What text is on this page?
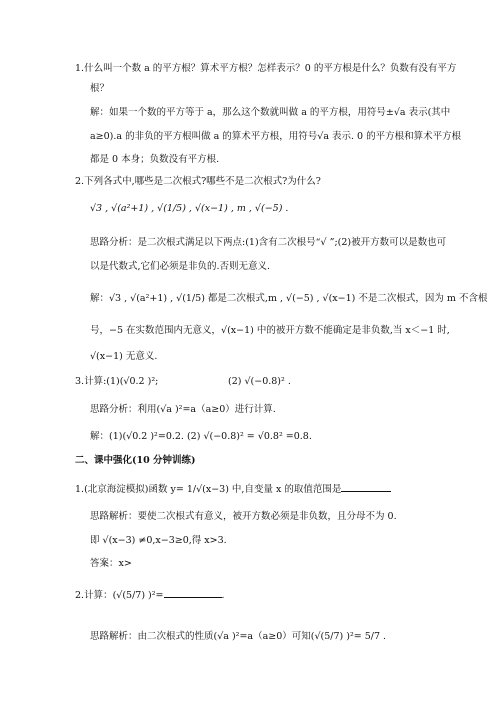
1.什么叫一个数 a 的平方根？算术平方根？怎样表示？0 的平方根是什么？负数有没有平方
根？
解：如果一个数的平方等于 a，那么这个数就叫做 a 的平方根，用符号±√a 表示(其中
a≥0).a 的非负的平方根叫做 a 的算术平方根，用符号√a 表示. 0 的平方根和算术平方根
都是 0 本身；负数没有平方根.
2.下列各式中,哪些是二次根式?哪些不是二次根式?为什么?
√3 , √(a²+1) , √(1/5) , √(x−1) , m , √(−5) .
思路分析：是二次根式满足以下两点:(1)含有二次根号“√ ”;(2)被开方数可以是数也可
以是代数式,它们必须是非负的.否则无意义.
解：√3 , √(a²+1) , √(1/5) 都是二次根式,m , √(−5) , √(x−1) 不是二次根式，因为 m 不含根
号，−5 在实数范围内无意义，√(x−1) 中的被开方数不能确定是非负数,当 x＜−1 时,
√(x−1) 无意义.
3.计算:(1)(√0.2 )²;	(2) √(−0.8)² .
思路分析：利用(√a )²=a（a≥0）进行计算.
解：(1)(√0.2 )²=0.2. (2) √(−0.8)² = √0.8² =0.8.
二、课中强化(10 分钟训练)
1.(北京海淀模拟)函数 y= 1/√(x−3) 中,自变量 x 的取值范围是
思路解析：要使二次根式有意义，被开方数必须是非负数，且分母不为 0.
即 √(x−3) ≠0,x−3≥0,得 x>3.
答案：x>
2.计算：(√(5/7) )²=	.
思路解析：由二次根式的性质(√a )²=a（a≥0）可知(√(5/7) )²= 5/7 .
